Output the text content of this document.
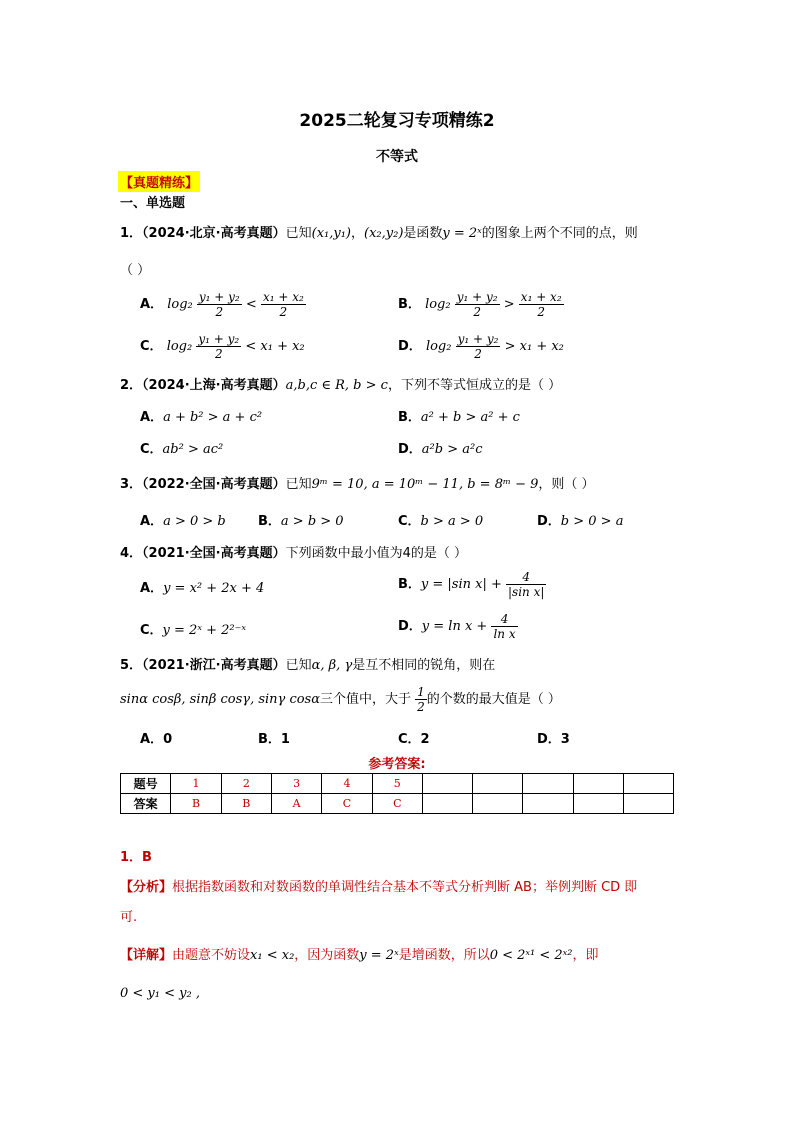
2025二轮复习专项精练2
不等式
【真题精练】
一、单选题
1．（2024·北京·高考真题）已知(x₁,y₁)，(x₂,y₂)是函数y = 2ˣ的图象上两个不同的点，则
（ ）
A． $\log_2 \frac{\text{y₁ + y₂}}{2} < \frac{\text{x₁ + x₂}}{2}$	B． $\log_2 \frac{\text{y₁ + y₂}}{2} > \frac{\text{x₁ + x₂}}{2}$
C． $\log_2 \frac{\text{y₁ + y₂}}{2} < x_1 + x_2$	D． $\log_2 \frac{\text{y₁ + y₂}}{2} > x_1 + x_2$
2．（2024·上海·高考真题）a,b,c ∈ R, b > c，下列不等式恒成立的是（ ）
A．a + b² > a + c²	B．a² + b > a² + c
C．ab² > ac²	D．a²b > a²c
3．（2022·全国·高考真题）已知9ᵐ = 10, a = 10ᵐ − 11, b = 8ᵐ − 9，则（ ）
A．a > 0 > b B．a > b > 0	C．b > a > 0	D．b > 0 > a
4．（2021·全国·高考真题）下列函数中最小值为4的是（ ）
A．y = x² + 2x + 4	B．y = |sin $x| + \frac{4}{\text{|sin x|}}$
C．y = 2ˣ + 2²⁻ˣ	D．$y = \ln x + \frac{4}{\text{ln x}}$
5．（2021·浙江·高考真题）已知α, β, γ是互不相同的锐角，则在
sinα cosβ, sinβ cosγ, sinγ cosα三个值中，大于 $\frac{1}{2}$ 的个数的最大值是（ ）
A．0	B．1	C．2	D．3
参考答案:
题号	1	2	3	4	5					
答案	B	B	A	C	C					
1．B
【分析】根据指数函数和对数函数的单调性结合基本不等式分析判断 AB；举例判断 CD 即
可.
【详解】由题意不妨设x₁ < x₂，因为函数y = 2ˣ是增函数，所以0 < 2ˣ¹ < 2ˣ²，即
0 < y₁ < y₂ ,
